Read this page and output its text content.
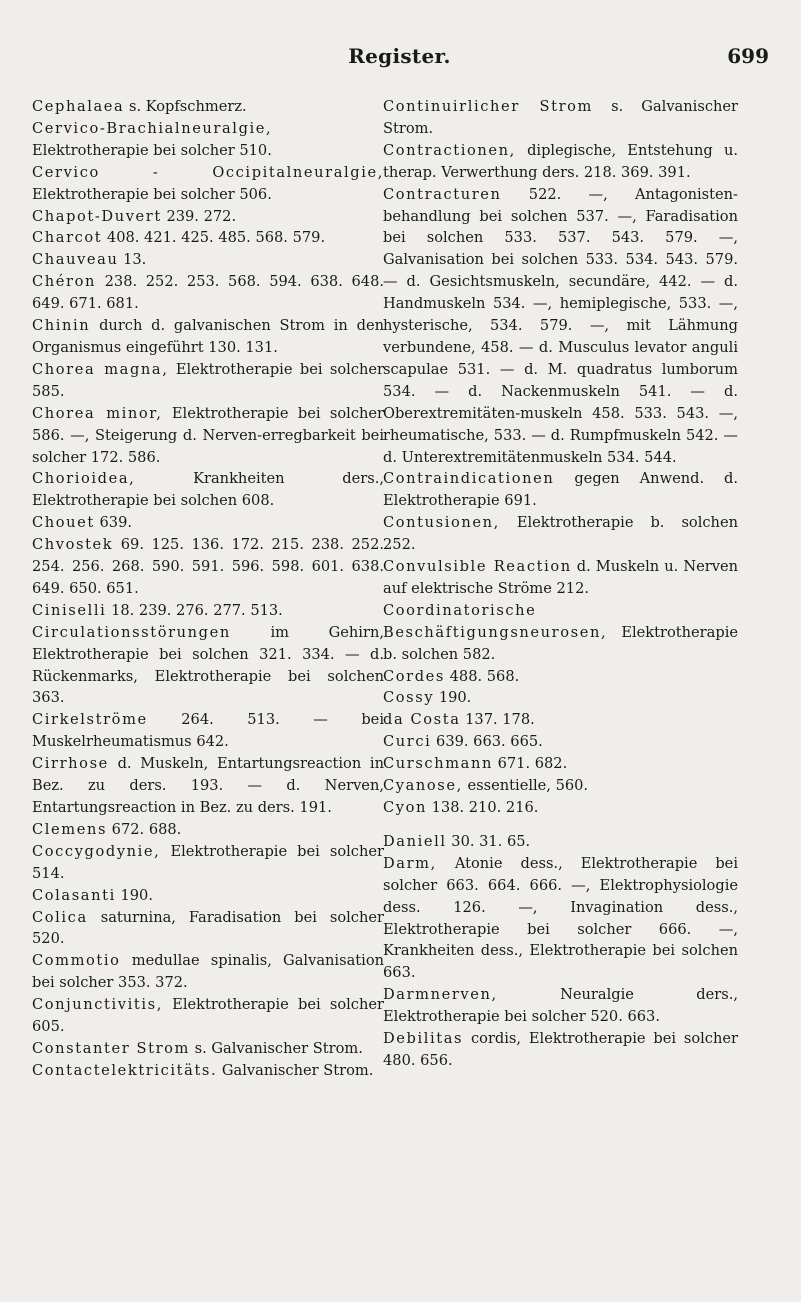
Register.	699

Cephalaea s. Kopfschmerz.

Cervico-Brachialneuralgie, Elektrotherapie bei solcher 510.

Cervico - Occipitalneuralgie, Elektrotherapie bei solcher 506.

Chapot-Duvert 239. 272.

Charcot 408. 421. 425. 485. 568. 579.

Chauveau 13.

Chéron 238. 252. 253. 568. 594. 638. 648. 649. 671. 681.

Chinin durch d. galvanischen Strom in den Organismus eingeführt 130. 131.

Chorea magna, Elektrotherapie bei solcher 585.

Chorea minor, Elektrotherapie bei solcher 586. —, Steigerung d. Nerven-erregbarkeit bei solcher 172. 586.

Chorioidea, Krankheiten ders., Elektrotherapie bei solchen 608.

Chouet 639.

Chvostek 69. 125. 136. 172. 215. 238. 252. 254. 256. 268. 590. 591. 596. 598. 601. 638. 649. 650. 651.

Ciniselli 18. 239. 276. 277. 513.

Circulationsstörungen im Gehirn, Elektrotherapie bei solchen 321. 334. — d. Rückenmarks, Elektrotherapie bei solchen 363.

Cirkelströme 264. 513. — bei Muskelrheumatismus 642.

Cirrhose d. Muskeln, Entartungsreaction in Bez. zu ders. 193. — d. Nerven, Entartungsreaction in Bez. zu ders. 191.

Clemens 672. 688.

Coccygodynie, Elektrotherapie bei solcher 514.

Colasanti 190.

Colica saturnina, Faradisation bei solcher 520.

Commotio medullae spinalis, Galvanisation bei solcher 353. 372.

Conjunctivitis, Elektrotherapie bei solcher 605.

Constanter Strom s. Galvanischer Strom.

Contactelektricitäts. Galvanischer Strom.

Continuirlicher Strom s. Galvanischer Strom.

Contractionen, diplegische, Entstehung u. therap. Verwerthung ders. 218. 369. 391.

Contracturen 522. —, Antagonisten-behandlung bei solchen 537. —, Faradisation bei solchen 533. 537. 543. 579. —, Galvanisation bei solchen 533. 534. 543. 579. — d. Gesichtsmuskeln, secundäre, 442. — d. Handmuskeln 534. —, hemiplegische, 533. —, hysterische, 534. 579. —, mit Lähmung verbundene, 458. — d. Musculus levator anguli scapulae 531. — d. M. quadratus lumborum 534. — d. Nackenmuskeln 541. — d. Oberextremitäten-muskeln 458. 533. 543. —, rheumatische, 533. — d. Rumpfmuskeln 542. — d. Unterextremitätenmuskeln 534. 544.

Contraindicationen gegen Anwend. d. Elektrotherapie 691.

Contusionen, Elektrotherapie b. solchen 252.

Convulsible Reaction d. Muskeln u. Nerven auf elektrische Ströme 212.

Coordinatorische Beschäftigungsneurosen, Elektrotherapie b. solchen 582.

Cordes 488. 568.

Cossy 190.

da Costa 137. 178.

Curci 639. 663. 665.

Curschmann 671. 682.

Cyanose, essentielle, 560.

Cyon 138. 210. 216.

Daniell 30. 31. 65.

Darm, Atonie dess., Elektrotherapie bei solcher 663. 664. 666. —, Elektrophysiologie dess. 126. —, Invagination dess., Elektrotherapie bei solcher 666. —, Krankheiten dess., Elektrotherapie bei solchen 663.

Darmnerven, Neuralgie ders., Elektrotherapie bei solcher 520. 663.

Debilitas cordis, Elektrotherapie bei solcher 480. 656.
